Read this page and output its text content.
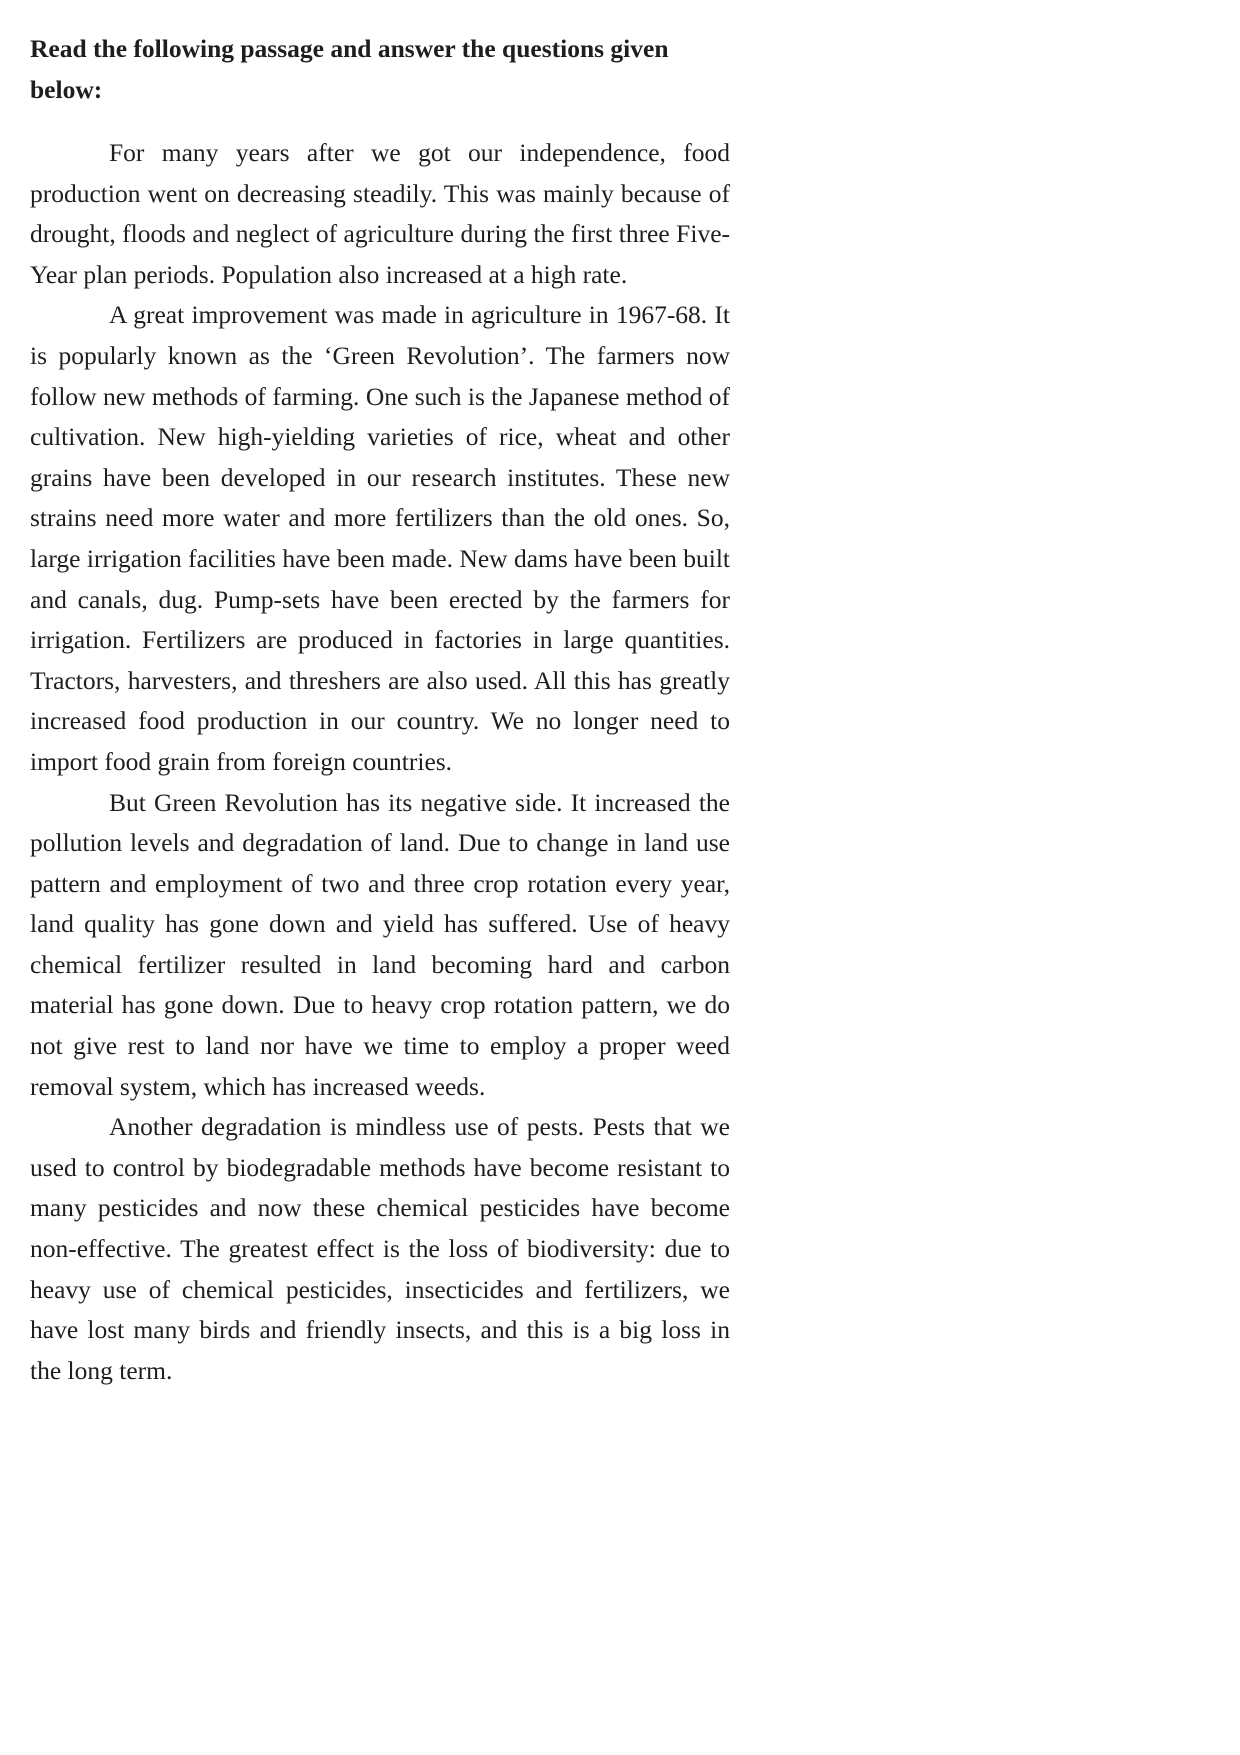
Read the following passage and answer the questions given below:

For many years after we got our independence, food production went on decreasing steadily. This was mainly because of drought, floods and neglect of agriculture during the first three Five-Year plan periods. Population also increased at a high rate.

A great improvement was made in agriculture in 1967-68. It is popularly known as the ‘Green Revolution’. The farmers now follow new methods of farming. One such is the Japanese method of cultivation. New high-yielding varieties of rice, wheat and other grains have been developed in our research institutes. These new strains need more water and more fertilizers than the old ones. So, large irrigation facilities have been made. New dams have been built and canals, dug. Pump-sets have been erected by the farmers for irrigation. Fertilizers are produced in factories in large quantities. Tractors, harvesters, and threshers are also used. All this has greatly increased food production in our country. We no longer need to import food grain from foreign countries.

But Green Revolution has its negative side. It increased the pollution levels and degradation of land. Due to change in land use pattern and employment of two and three crop rotation every year, land quality has gone down and yield has suffered. Use of heavy chemical fertilizer resulted in land becoming hard and carbon material has gone down. Due to heavy crop rotation pattern, we do not give rest to land nor have we time to employ a proper weed removal system, which has increased weeds.

Another degradation is mindless use of pests. Pests that we used to control by biodegradable methods have become resistant to many pesticides and now these chemical pesticides have become non-effective. The greatest effect is the loss of biodiversity: due to heavy use of chemical pesticides, insecticides and fertilizers, we have lost many birds and friendly insects, and this is a big loss in the long term.
